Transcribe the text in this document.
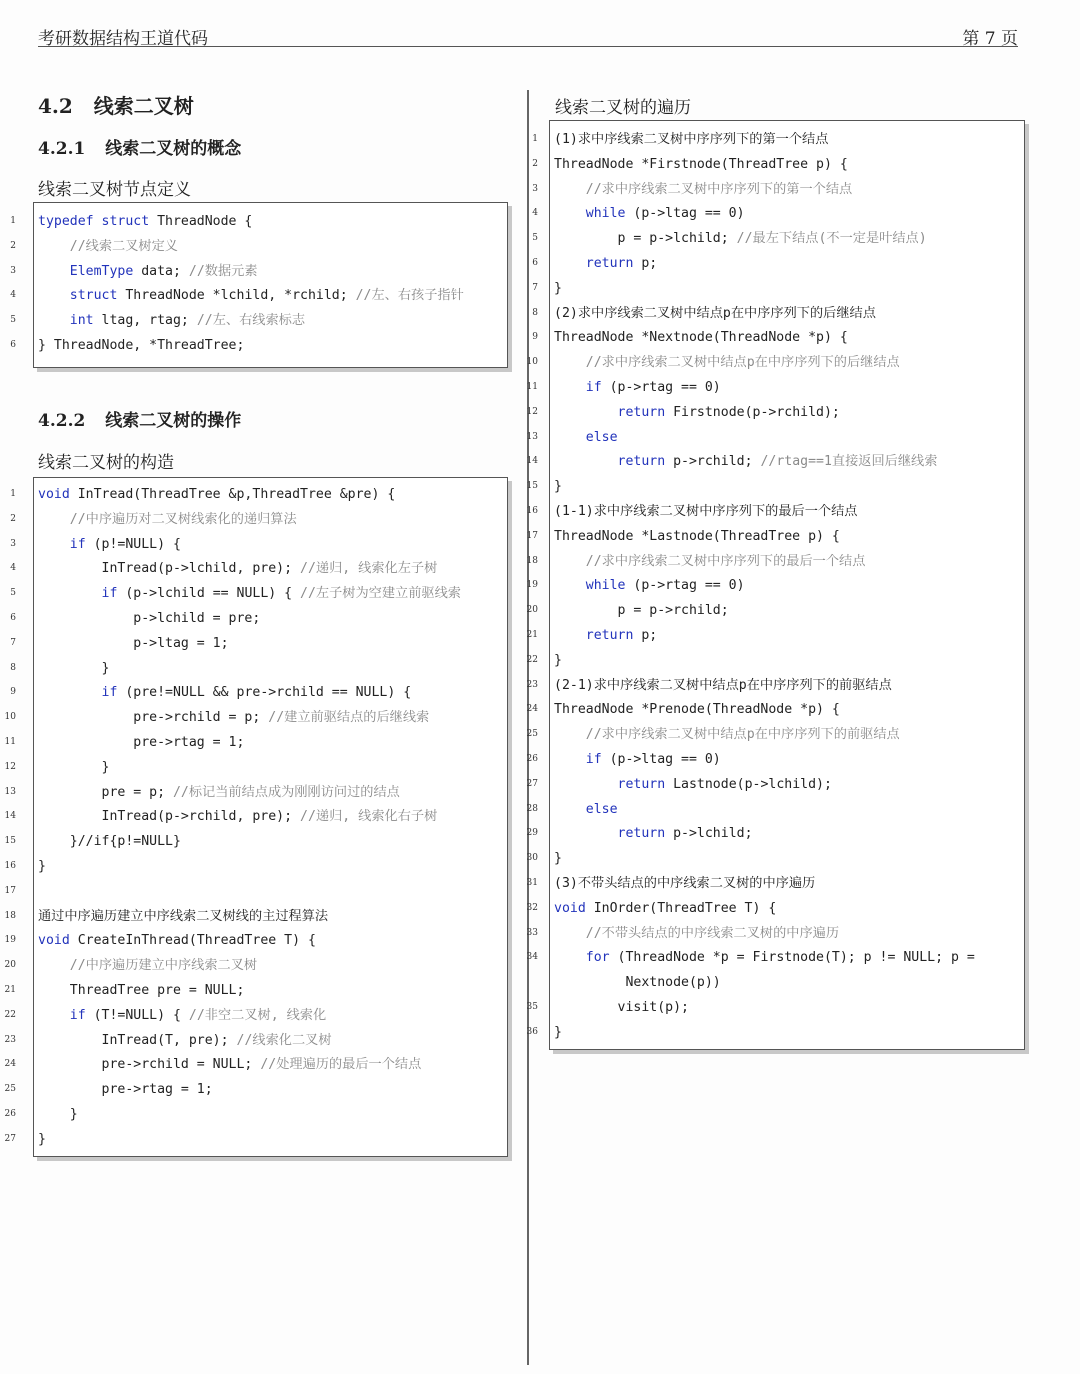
考研数据结构王道代码	第 7 页
4.2 线索二叉树
4.2.1 线索二叉树的概念
线索二叉树节点定义
typedef struct ThreadNode {
//线索二叉树定义
ElemType data; //数据元素
struct ThreadNode *lchild, *rchild; //左、右孩子指针
int ltag, rtag; //左、右线索标志
} ThreadNode, *ThreadTree;
4.2.2 线索二叉树的操作
线索二叉树的构造
void InTread(ThreadTree &p,ThreadTree &pre) {
//中序遍历对二叉树线索化的递归算法
if (p!=NULL) {
InTread(p->lchild, pre); //递归, 线索化左子树
if (p->lchild == NULL) { //左子树为空建立前驱线索
p->lchild = pre;
p->ltag = 1;
}
if (pre!=NULL && pre->rchild == NULL) {
pre->rchild = p; //建立前驱结点的后继线索
pre->rtag = 1;
}
pre = p; //标记当前结点成为刚刚访问过的结点
InTread(p->rchild, pre); //递归, 线索化右子树
}//if{p!=NULL}
}
通过中序遍历建立中序线索二叉树线的主过程算法
void CreateInThread(ThreadTree T) {
//中序遍历建立中序线索二叉树
ThreadTree pre = NULL;
if (T!=NULL) { //非空二叉树, 线索化
InTread(T, pre); //线索化二叉树
pre->rchild = NULL; //处理遍历的最后一个结点
pre->rtag = 1;
}
}
线索二叉树的遍历
(1)求中序线索二叉树中序序列下的第一个结点
ThreadNode *Firstnode(ThreadTree p) {
//求中序线索二叉树中序序列下的第一个结点
while (p->ltag == 0)
p = p->lchild; //最左下结点(不一定是叶结点)
return p;
}
(2)求中序线索二叉树中结点p在中序序列下的后继结点
ThreadNode *Nextnode(ThreadNode *p) {
//求中序线索二叉树中结点p在中序序列下的后继结点
if (p->rtag == 0)
return Firstnode(p->rchild);
else
return p->rchild; //rtag==1直接返回后继线索
}
(1-1)求中序线索二叉树中序序列下的最后一个结点
ThreadNode *Lastnode(ThreadTree p) {
//求中序线索二叉树中序序列下的最后一个结点
while (p->rtag == 0)
p = p->rchild;
return p;
}
(2-1)求中序线索二叉树中结点p在中序序列下的前驱结点
ThreadNode *Prenode(ThreadNode *p) {
//求中序线索二叉树中结点p在中序序列下的前驱结点
if (p->ltag == 0)
return Lastnode(p->lchild);
else
return p->lchild;
}
(3)不带头结点的中序线索二叉树的中序遍历
void InOrder(ThreadTree T) {
//不带头结点的中序线索二叉树的中序遍历
for (ThreadNode *p = Firstnode(T); p != NULL; p =
Nextnode(p))
visit(p);
}
1
2
3
4
5
6
1
2
3
4
5
6
7
8
9
10
11
12
13
14
15
16
17
18
19
20
21
22
23
24
25
26
27
1
2
3
4
5
6
7
8
9
10
11
12
13
14
15
16
17
18
19
20
21
22
23
24
25
26
27
28
29
30
31
32
33
34
35
36
